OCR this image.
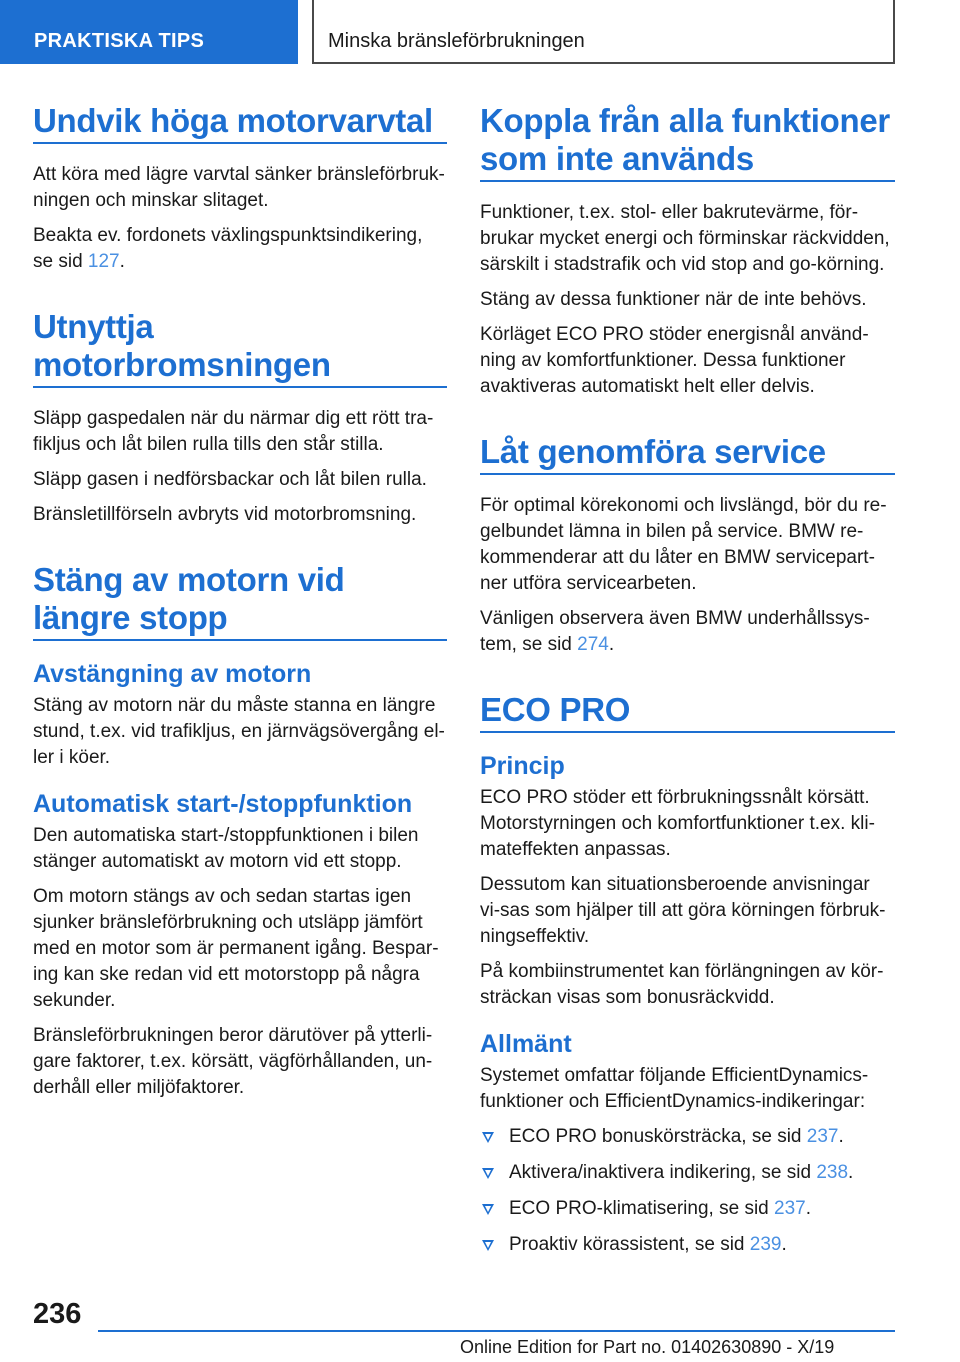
PRAKTISKA TIPS	Minska bränsleförbrukningen
Undvik höga motorvarvtal

Att köra med lägre varvtal sänker bränsleförbruk-ningen och minskar slitaget.

Beakta ev. fordonets växlingspunktsindikering, se sid 127.

Utnyttja motorbromsningen

Släpp gaspedalen när du närmar dig ett rött tra-fikljus och låt bilen rulla tills den står stilla.

Släpp gasen i nedförsbackar och låt bilen rulla.

Bränsletillförseln avbryts vid motorbromsning.

Stäng av motorn vid längre stopp
Avstängning av motorn

Stäng av motorn när du måste stanna en längre stund, t.ex. vid trafikljus, en järnvägsövergång el-ler i köer.

Automatisk start-/stoppfunktion

Den automatiska start-/stoppfunktionen i bilen stänger automatiskt av motorn vid ett stopp.

Om motorn stängs av och sedan startas igen sjunker bränsleförbrukning och utsläpp jämfört med en motor som är permanent igång. Bespar-ing kan ske redan vid ett motorstopp på några sekunder.

Bränsleförbrukningen beror därutöver på ytterli-gare faktorer, t.ex. körsätt, vägförhållanden, un-derhåll eller miljöfaktorer.

Koppla från alla funktioner som inte används

Funktioner, t.ex. stol- eller bakrutevärme, för-brukar mycket energi och förminskar räckvidden, särskilt i stadstrafik och vid stop and go-körning.

Stäng av dessa funktioner när de inte behövs.

Körläget ECO PRO stöder energisnål använd-ning av komfortfunktioner. Dessa funktioner avaktiveras automatiskt helt eller delvis.

Låt genomföra service

För optimal körekonomi och livslängd, bör du re-gelbundet lämna in bilen på service. BMW re-kommenderar att du låter en BMW servicepart-ner utföra servicearbeten.

Vänligen observera även BMW underhållssys-tem, se sid 274.

ECO PRO
Princip

ECO PRO stöder ett förbrukningssnålt körsätt. Motorstyrningen och komfortfunktioner t.ex. kli-mateffekten anpassas.

Dessutom kan situationsberoende anvisningar vi-sas som hjälper till att göra körningen förbruk-ningseffektiv.

På kombiinstrumentet kan förlängningen av kör-sträckan visas som bonusräckvidd.

Allmänt

Systemet omfattar följande EfficientDynamics-funktioner och EfficientDynamics-indikeringar:

ECO PRO bonuskörsträcka, se sid 237.
Aktivera/inaktivera indikering, se sid 238.
ECO PRO-klimatisering, se sid 237.
Proaktiv körassistent, se sid 239.
236
Online Edition for Part no. 01402630890 - X/19
